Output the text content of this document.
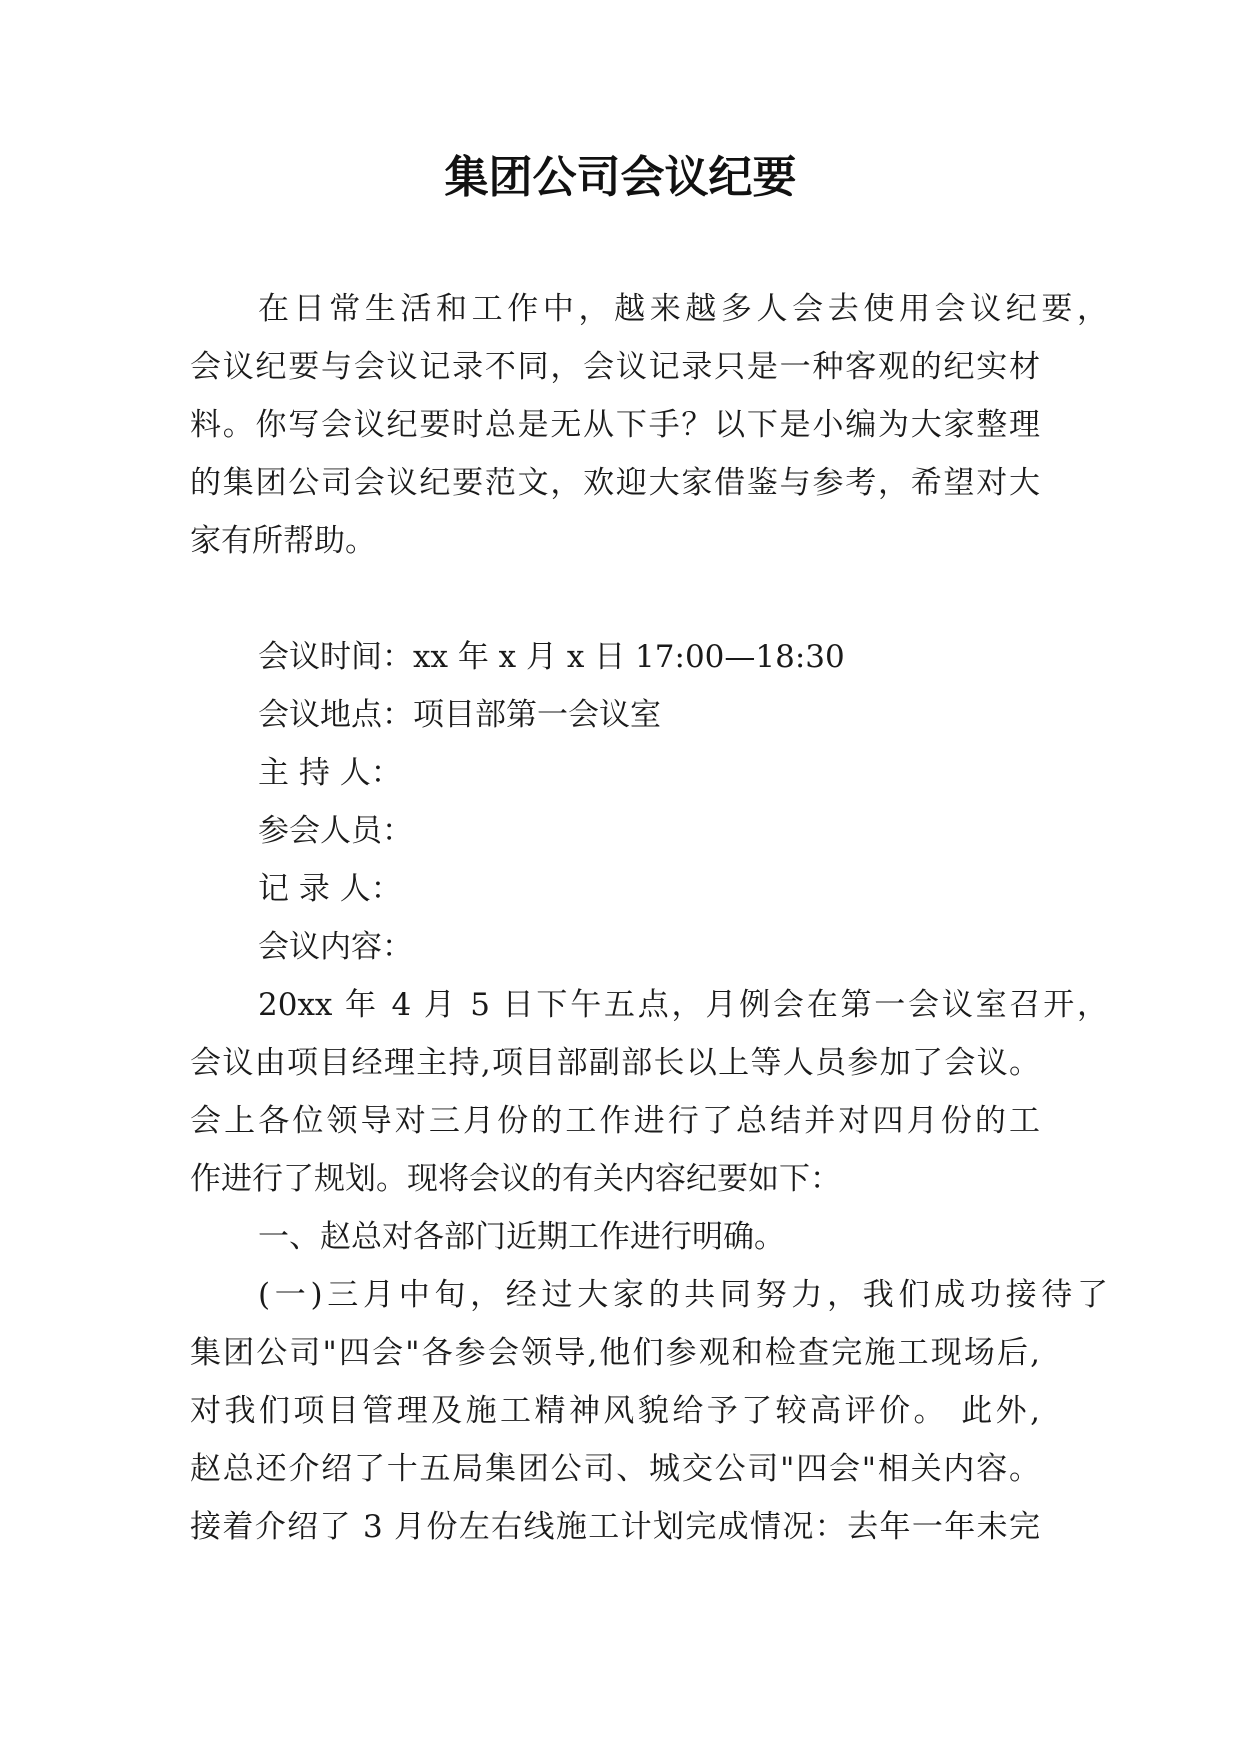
集团公司会议纪要
在日常生活和工作中，越来越多人会去使用会议纪要，
会议纪要与会议记录不同，会议记录只是一种客观的纪实材
料。你写会议纪要时总是无从下手？以下是小编为大家整理
的集团公司会议纪要范文，欢迎大家借鉴与参考，希望对大
家有所帮助。
会议时间：xx 年 x 月 x 日 17:00—18:30
会议地点：项目部第一会议室
主 持 人：
参会人员：
记 录 人：
会议内容：
20xx 年 4 月 5 日下午五点，月例会在第一会议室召开，
会议由项目经理主持,项目部副部长以上等人员参加了会议。
会上各位领导对三月份的工作进行了总结并对四月份的工
作进行了规划。现将会议的有关内容纪要如下：
一、赵总对各部门近期工作进行明确。
(一)三月中旬，经过大家的共同努力，我们成功接待了
集团公司"四会"各参会领导,他们参观和检查完施工现场后,
对我们项目管理及施工精神风貌给予了较高评价。 此外,
赵总还介绍了十五局集团公司、城交公司"四会"相关内容。
接着介绍了 3 月份左右线施工计划完成情况：去年一年未完
